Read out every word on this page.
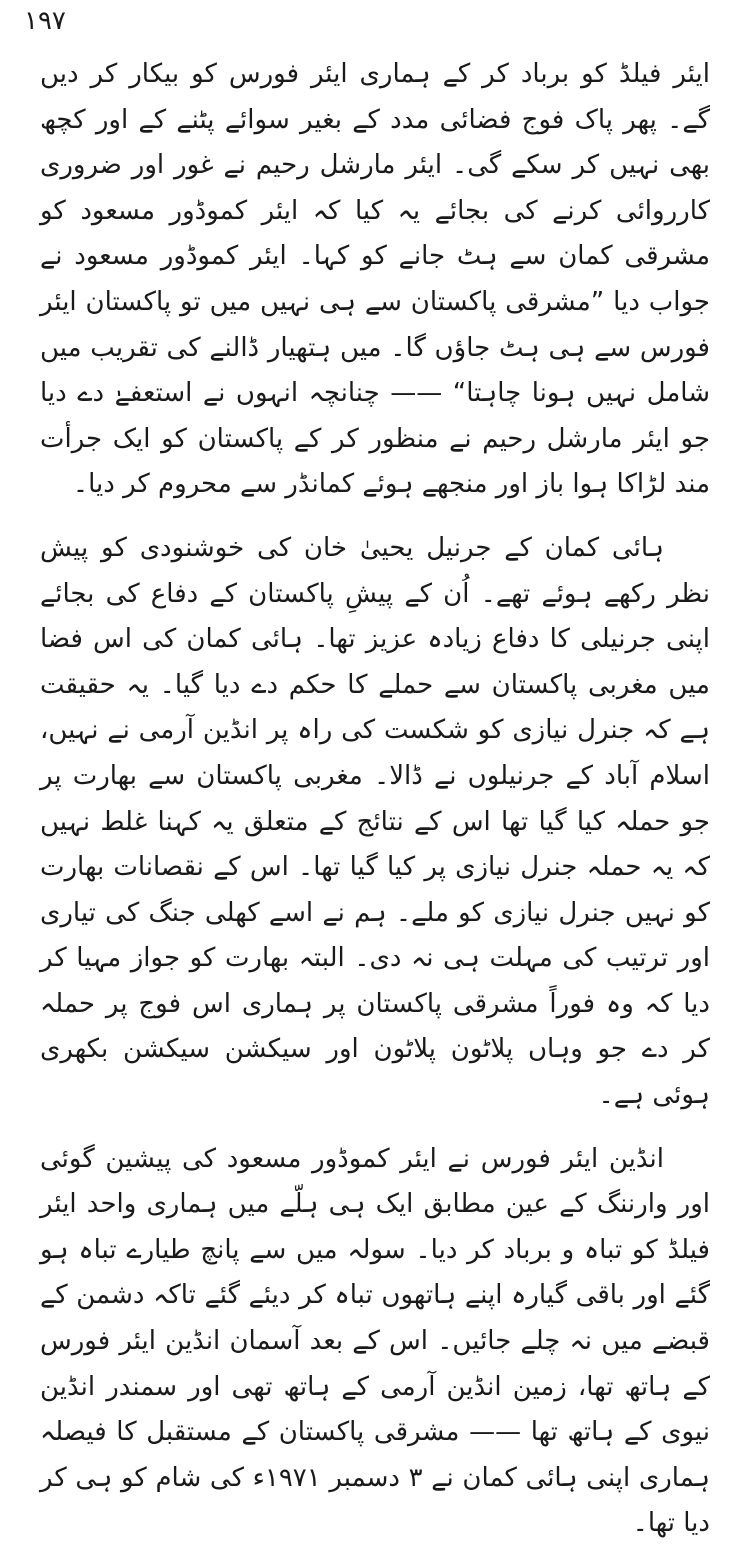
١٩٧

ایئر فیلڈ کو برباد کر کے ہماری ایئر فورس کو بیکار کر دیں گے۔ پھر پاک فوج فضائی مدد کے بغیر سوائے پٹنے کے اور کچھ بھی نہیں کر سکے گی۔ ایئر مارشل رحیم نے غور اور ضروری کارروائی کرنے کی بجائے یہ کیا کہ ایئر کموڈور مسعود کو مشرقی کمان سے ہٹ جانے کو کہا۔ ایئر کموڈور مسعود نے جواب دیا ”مشرقی پاکستان سے ہی نہیں میں تو پاکستان ایئر فورس سے ہی ہٹ جاؤں گا۔ میں ہتھیار ڈالنے کی تقریب میں شامل نہیں ہونا چاہتا“ —— چنانچہ انہوں نے استعفےٰ دے دیا جو ایئر مارشل رحیم نے منظور کر کے پاکستان کو ایک جرأت مند لڑاکا ہوا باز اور منجھے ہوئے کمانڈر سے محروم کر دیا۔

ہائی کمان کے جرنیل یحییٰ خان کی خوشنودی کو پیش نظر رکھے ہوئے تھے۔ اُن کے پیشِ پاکستان کے دفاع کی بجائے اپنی جرنیلی کا دفاع زیادہ عزیز تھا۔ ہائی کمان کی اس فضا میں مغربی پاکستان سے حملے کا حکم دے دیا گیا۔ یہ حقیقت ہے کہ جنرل نیازی کو شکست کی راہ پر انڈین آرمی نے نہیں، اسلام آباد کے جرنیلوں نے ڈالا۔ مغربی پاکستان سے بھارت پر جو حملہ کیا گیا تھا اس کے نتائج کے متعلق یہ کہنا غلط نہیں کہ یہ حملہ جنرل نیازی پر کیا گیا تھا۔ اس کے نقصانات بھارت کو نہیں جنرل نیازی کو ملے۔ ہم نے اسے کھلی جنگ کی تیاری اور ترتیب کی مہلت ہی نہ دی۔ البتہ بھارت کو جواز مہیا کر دیا کہ وہ فوراً مشرقی پاکستان پر ہماری اس فوج پر حملہ کر دے جو وہاں پلاٹون پلاٹون اور سیکشن سیکشن بکھری ہوئی ہے۔

انڈین ایئر فورس نے ایئر کموڈور مسعود کی پیشین گوئی اور وارننگ کے عین مطابق ایک ہی ہلّے میں ہماری واحد ایئر فیلڈ کو تباہ و برباد کر دیا۔ سولہ میں سے پانچ طیارے تباہ ہو گئے اور باقی گیارہ اپنے ہاتھوں تباہ کر دیئے گئے تاکہ دشمن کے قبضے میں نہ چلے جائیں۔ اس کے بعد آسمان انڈین ایئر فورس کے ہاتھ تھا، زمین انڈین آرمی کے ہاتھ تھی اور سمندر انڈین نیوی کے ہاتھ تھا —— مشرقی پاکستان کے مستقبل کا فیصلہ ہماری اپنی ہائی کمان نے ٣ دسمبر ١٩٧١ء کی شام کو ہی کر دیا تھا۔
